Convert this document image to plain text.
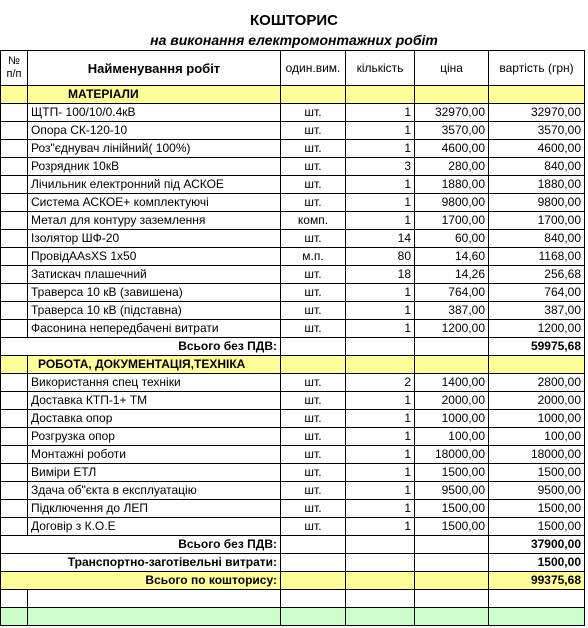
КОШТОРИС
на виконання електромонтажних робіт
№ п/п	Найменування робіт	один.вим.	кількість	ціна	вартість (грн)
	МАТЕРІАЛИ				
	ЩТП- 100/10/0.4кВ	шт.	1	32970,00	32970,00
	Опора СК-120-10	шт.	1	3570,00	3570,00
	Роз"єднувач лінійний( 100%)	шт.	1	4600,00	4600,00
	Розрядник 10кВ	шт.	3	280,00	840,00
	Лічильник електронний під АСКОЕ	шт.	1	1880,00	1880,00
	Система АСКОЕ+ комплектуючі	шт.	1	9800,00	9800,00
	Метал для контуру заземлення	комп.	1	1700,00	1700,00
	Ізолятор ШФ-20	шт.	14	60,00	840,00
	ПровідAAsXS 1х50	м.п.	80	14,60	1168,00
	Затискач плашечний	шт.	18	14,26	256,68
	Траверса 10 кВ (завишена)	шт.	1	764,00	764,00
	Траверса 10 кВ (підставна)	шт.	1	387,00	387,00
	Фасонина непередбачені витрати	шт.	1	1200,00	1200,00
Всього без ПДВ:					59975,68
	РОБОТА, ДОКУМЕНТАЦІЯ,ТЕХНІКА				
	Використання спец техніки	шт.	2	1400,00	2800,00
	Доставка КТП-1+ ТМ	шт.	1	2000,00	2000,00
	Доставка опор	шт.	1	1000,00	1000,00
	Розгрузка опор	шт.	1	100,00	100,00
	Монтажні роботи	шт.	1	18000,00	18000,00
	Виміри ЕТЛ	шт.	1	1500,00	1500,00
	Здача об"єкта в експлуатацію	шт.	1	9500,00	9500,00
	Підключення до ЛЕП	шт.	1	1500,00	1500,00
	Договір з К.О.Е	шт.	1	1500,00	1500,00
Всього без ПДВ:					37900,00
Транспортно-заготівельні витрати:					1500,00
Всього по кошторису:					99375,68
